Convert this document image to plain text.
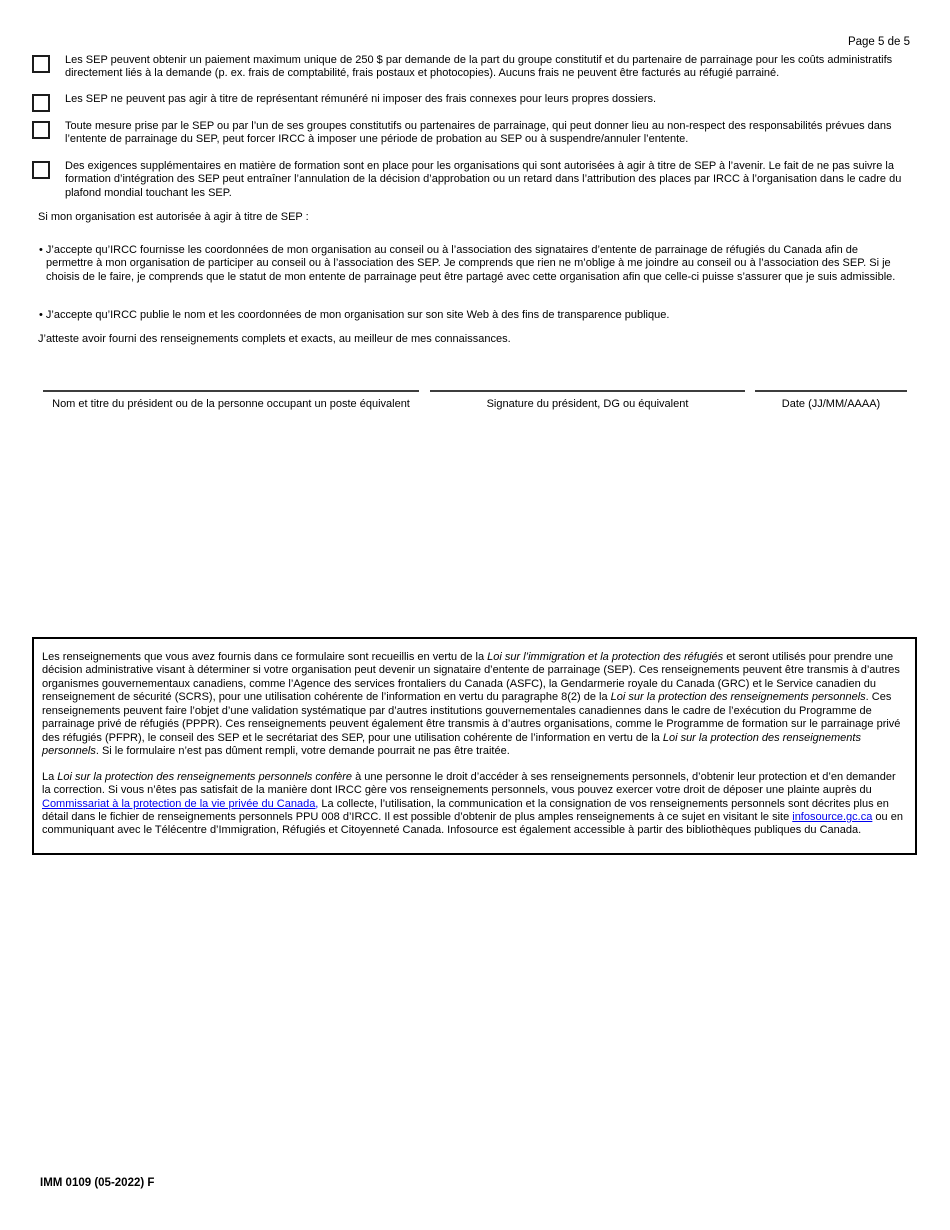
Page 5 de 5
Les SEP peuvent obtenir un paiement maximum unique de 250 $ par demande de la part du groupe constitutif et du partenaire de parrainage pour les coûts administratifs directement liés à la demande (p. ex. frais de comptabilité, frais postaux et photocopies). Aucuns frais ne peuvent être facturés au réfugié parrainé.
Les SEP ne peuvent pas agir à titre de représentant rémunéré ni imposer des frais connexes pour leurs propres dossiers.
Toute mesure prise par le SEP ou par l’un de ses groupes constitutifs ou partenaires de parrainage, qui peut donner lieu au non-respect des responsabilités prévues dans l’entente de parrainage du SEP, peut forcer IRCC à imposer une période de probation au SEP ou à suspendre/annuler l’entente.
Des exigences supplémentaires en matière de formation sont en place pour les organisations qui sont autorisées à agir à titre de SEP à l’avenir. Le fait de ne pas suivre la formation d’intégration des SEP peut entraîner l’annulation de la décision d’approbation ou un retard dans l’attribution des places par IRCC à l’organisation dans le cadre du plafond mondial touchant les SEP.
Si mon organisation est autorisée à agir à titre de SEP :
• J’accepte qu’IRCC fournisse les coordonnées de mon organisation au conseil ou à l’association des signataires d’entente de parrainage de réfugiés du Canada afin de permettre à mon organisation de participer au conseil ou à l’association des SEP. Je comprends que rien ne m’oblige à me joindre au conseil ou à l’association des SEP. Si je choisis de le faire, je comprends que le statut de mon entente de parrainage peut être partagé avec cette organisation afin que celle-ci puisse s’assurer que je suis admissible.
• J’accepte qu’IRCC publie le nom et les coordonnées de mon organisation sur son site Web à des fins de transparence publique.
J’atteste avoir fourni des renseignements complets et exacts, au meilleur de mes connaissances.
Nom et titre du président ou de la personne occupant un poste équivalent	Signature du président, DG ou équivalent	Date (JJ/MM/AAAA)

Les renseignements que vous avez fournis dans ce formulaire sont recueillis en vertu de la Loi sur l’immigration et la protection des réfugiés et seront utilisés pour prendre une décision administrative visant à déterminer si votre organisation peut devenir un signataire d’entente de parrainage (SEP). Ces renseignements peuvent être transmis à d’autres organismes gouvernementaux canadiens, comme l’Agence des services frontaliers du Canada (ASFC), la Gendarmerie royale du Canada (GRC) et le Service canadien du renseignement de sécurité (SCRS), pour une utilisation cohérente de l’information en vertu du paragraphe 8(2) de la Loi sur la protection des renseignements personnels. Ces renseignements peuvent faire l’objet d’une validation systématique par d’autres institutions gouvernementales canadiennes dans le cadre de l’exécution du Programme de parrainage privé de réfugiés (PPPR). Ces renseignements peuvent également être transmis à d’autres organisations, comme le Programme de formation sur le parrainage privé des réfugiés (PFPR), le conseil des SEP et le secrétariat des SEP, pour une utilisation cohérente de l’information en vertu de la Loi sur la protection des renseignements personnels. Si le formulaire n’est pas dûment rempli, votre demande pourrait ne pas être traitée.

La Loi sur la protection des renseignements personnels confère à une personne le droit d’accéder à ses renseignements personnels, d’obtenir leur protection et d’en demander la correction. Si vous n’êtes pas satisfait de la manière dont IRCC gère vos renseignements personnels, vous pouvez exercer votre droit de déposer une plainte auprès du Commissariat à la protection de la vie privée du Canada, La collecte, l’utilisation, la communication et la consignation de vos renseignements personnels sont décrites plus en détail dans le fichier de renseignements personnels PPU 008 d’IRCC. Il est possible d’obtenir de plus amples renseignements à ce sujet en visitant le site infosource.gc.ca ou en communiquant avec le Télécentre d’Immigration, Réfugiés et Citoyenneté Canada. Infosource est également accessible à partir des bibliothèques publiques du Canada.

IMM 0109 (05-2022) F
